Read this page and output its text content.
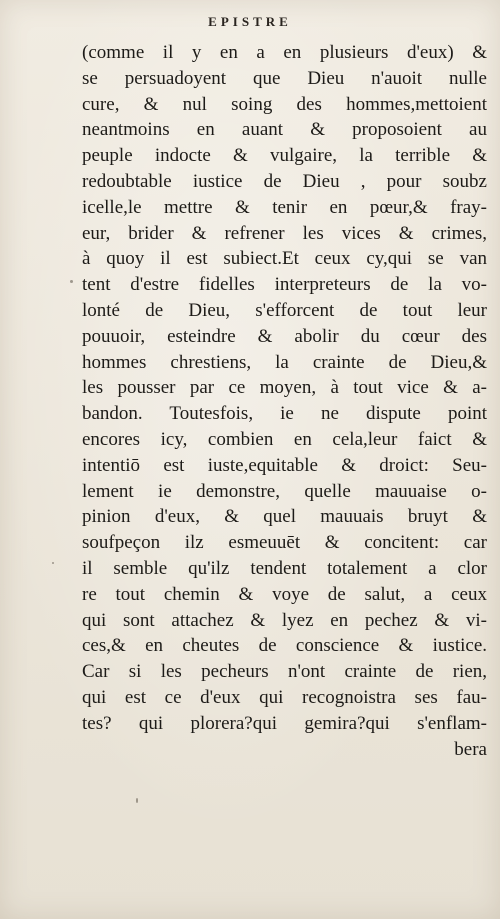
EPISTRE
(comme il y en a en plusieurs d'eux) &
se persuadoyent que Dieu n'auoit nulle
cure, & nul soing des hommes,mettoient
neantmoins en auant & proposoient au
peuple indocte & vulgaire, la terrible &
redoubtable iustice de Dieu , pour soubz
icelle,le mettre & tenir en pœur,& fray-
eur, brider & refrener les vices & crimes,
à quoy il est subiect.Et ceux cy,qui se van
tent d'estre fidelles interpreteurs de la vo-
lonté de Dieu, s'efforcent de tout leur
pouuoir, esteindre & abolir du cœur des
hommes chrestiens, la crainte de Dieu,&
les pousser par ce moyen, à tout vice & a-
bandon. Toutesfois, ie ne dispute point
encores icy, combien en cela,leur faict &
intentiō est iuste,equitable & droict: Seu-
lement ie demonstre, quelle mauuaise o-
pinion d'eux, & quel mauuais bruyt &
soufpeçon ilz esmeuuēt & concitent: car
il semble qu'ilz tendent totalement a clor
re tout chemin & voye de salut, a ceux
qui sont attachez & lyez en pechez & vi-
ces,& en cheutes de conscience & iustice.
Car si les pecheurs n'ont crainte de rien,
qui est ce d'eux qui recognoistra ses fau-
tes? qui plorera?qui gemira?qui s'enflam-
bera
